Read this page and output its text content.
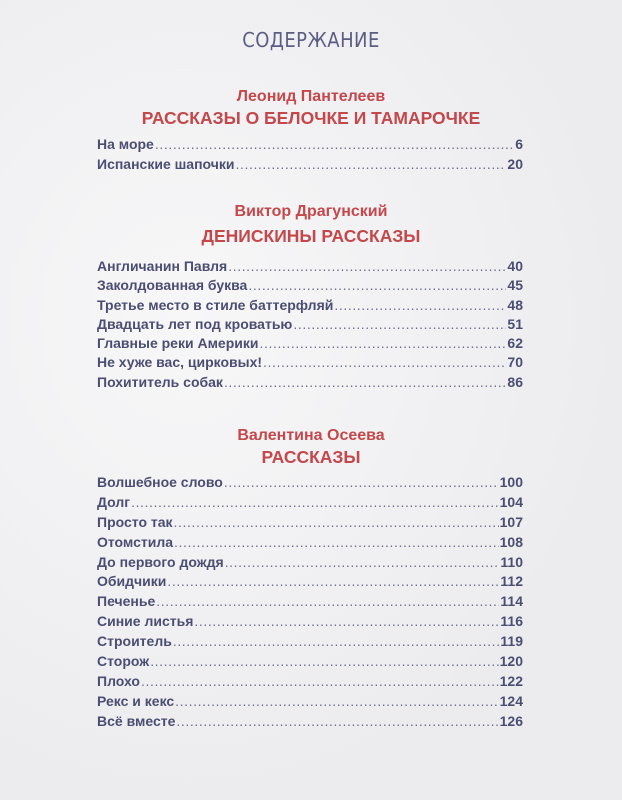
СОДЕРЖАНИЕ
Леонид Пантелеев
РАССКАЗЫ О БЕЛОЧКЕ И ТАМАРОЧКЕ
На море .....	6
Испанские шапочки .....	20
Виктор Драгунский
ДЕНИСКИНЫ РАССКАЗЫ
Англичанин Павля .....	40
Заколдованная буква .....	45
Третье место в стиле баттерфляй .....	48
Двадцать лет под кроватью .....	51
Главные реки Америки .....	62
Не хуже вас, цирковых! .....	70
Похититель собак .....	86
Валентина Осеева
РАССКАЗЫ
Волшебное слово .....	100
Долг .....	104
Просто так .....	107
Отомстила .....	108
До первого дождя .....	110
Обидчики .....	112
Печенье .....	114
Синие листья .....	116
Строитель .....	119
Сторож .....	120
Плохо .....	122
Рекс и кекс .....	124
Всё вместе .....	126
